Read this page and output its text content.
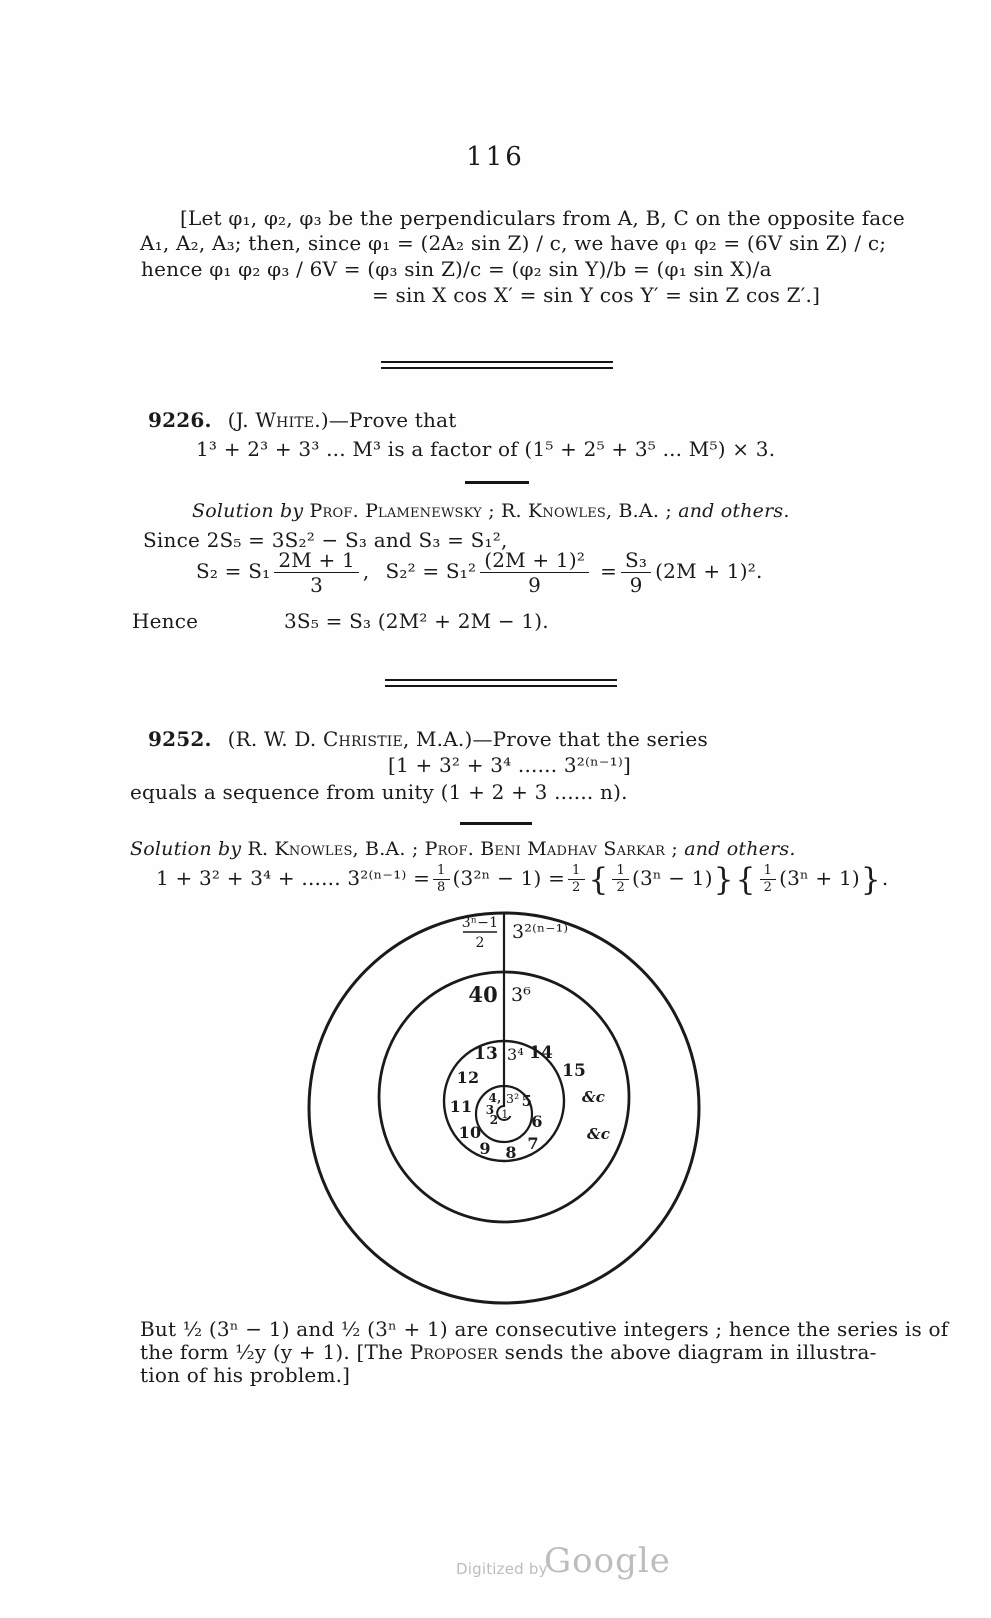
116
[Let φ₁, φ₂, φ₃ be the perpendiculars from A, B, C on the opposite face
A₁, A₂, A₃; then, since φ₁ = (2A₂ sin Z) / c, we have φ₁ φ₂ = (6V sin Z) / c;
hence φ₁ φ₂ φ₃ / 6V = (φ₃ sin Z)/c = (φ₂ sin Y)/b = (φ₁ sin X)/a
= sin X cos X′ = sin Y cos Y′ = sin Z cos Z′.]
9226. (J. White.)—Prove that
1³ + 2³ + 3³ ... M³ is a factor of (1⁵ + 2⁵ + 3⁵ ... M⁵) × 3.
Solution by Prof. Plamenewsky ; R. Knowles, B.A. ; and others.
Since 2S₅ = 3S₂² − S₃ and S₃ = S₁²,
$S_2 = S_1 \frac{2M + 1}{3}$ , $S_2^2 = S_1^2 \frac{\text{(2M + 1)²}}{9} = \frac{\text{S₃}}{9} (2M + 1)^2$.
Hence	3S₅ = S₃ (2M² + 2M − 1).
9252. (R. W. D. Christie, M.A.)—Prove that the series
[1 + 3² + 3⁴ ...... 3²⁽ⁿ⁻¹⁾]
equals a sequence from unity (1 + 2 + 3 ...... n).
Solution by R. Knowles, B.A. ; Prof. Beni Madhav Sarkar ; and others.
1 + 3² + 3⁴ + ...... $3^{2(n-1)} = \frac{1}{8} (3^{2n} - 1) = \frac{1}{2}$ { $\frac{1}{2} (3^n - 1)\}\{ \frac{1}{2} (3^n + 1)\}$.
3ⁿ−1
2 3²⁽ⁿ⁻¹⁾
40 3⁶
13 3⁴ 14
15
&c
&c
12
11
10
9 8 7
6
5
4, 3²
3
2 1
But ½ (3ⁿ − 1) and ½ (3ⁿ + 1) are consecutive integers ; hence the series is of
the form ½y (y + 1). [The Proposer sends the above diagram in illustra-
tion of his problem.]
Digitized by
Google
